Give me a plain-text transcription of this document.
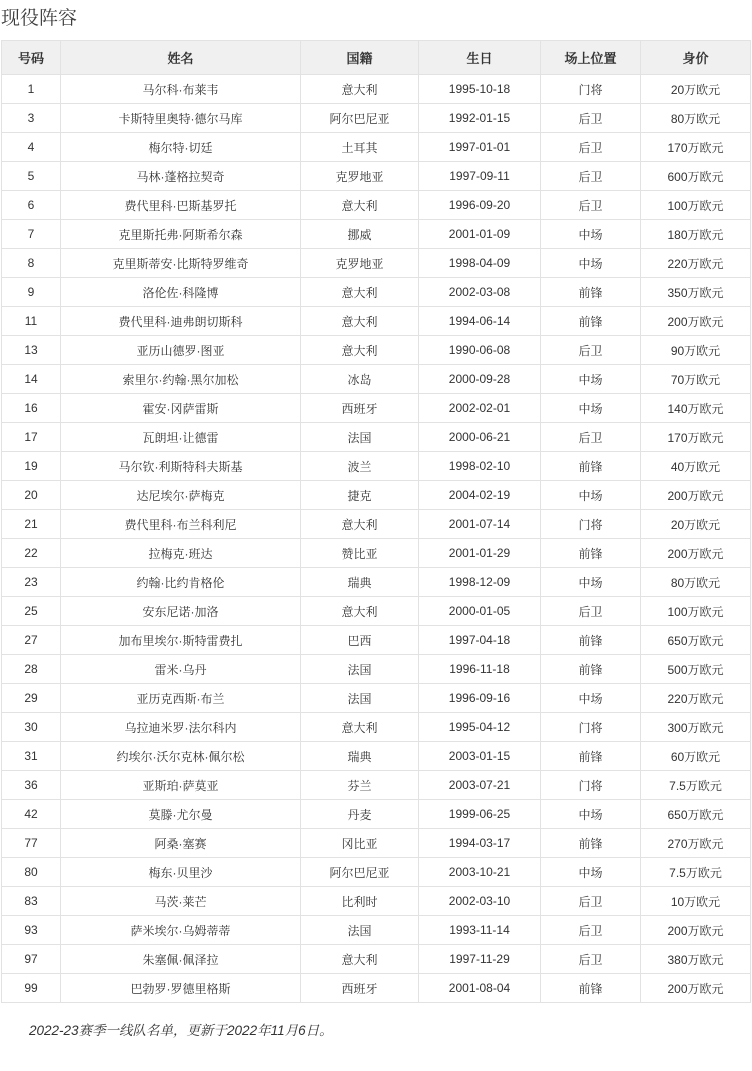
现役阵容
号码	姓名	国籍	生日	场上位置	身价
1	马尔科·布莱韦	意大利	1995-10-18	门将	20万欧元
3	卡斯特里奥特·德尔马库	阿尔巴尼亚	1992-01-15	后卫	80万欧元
4	梅尔特·切廷	土耳其	1997-01-01	后卫	170万欧元
5	马林·蓬格拉契奇	克罗地亚	1997-09-11	后卫	600万欧元
6	费代里科·巴斯基罗托	意大利	1996-09-20	后卫	100万欧元
7	克里斯托弗·阿斯希尔森	挪威	2001-01-09	中场	180万欧元
8	克里斯蒂安·比斯特罗维奇	克罗地亚	1998-04-09	中场	220万欧元
9	洛伦佐·科隆博	意大利	2002-03-08	前锋	350万欧元
11	费代里科·迪弗朗切斯科	意大利	1994-06-14	前锋	200万欧元
13	亚历山德罗·图亚	意大利	1990-06-08	后卫	90万欧元
14	索里尔·约翰·黑尔加松	冰岛	2000-09-28	中场	70万欧元
16	霍安·冈萨雷斯	西班牙	2002-02-01	中场	140万欧元
17	瓦朗坦·让德雷	法国	2000-06-21	后卫	170万欧元
19	马尔钦·利斯特科夫斯基	波兰	1998-02-10	前锋	40万欧元
20	达尼埃尔·萨梅克	捷克	2004-02-19	中场	200万欧元
21	费代里科·布兰科利尼	意大利	2001-07-14	门将	20万欧元
22	拉梅克·班达	赞比亚	2001-01-29	前锋	200万欧元
23	约翰·比约肯格伦	瑞典	1998-12-09	中场	80万欧元
25	安东尼诺·加洛	意大利	2000-01-05	后卫	100万欧元
27	加布里埃尔·斯特雷费扎	巴西	1997-04-18	前锋	650万欧元
28	雷米·乌丹	法国	1996-11-18	前锋	500万欧元
29	亚历克西斯·布兰	法国	1996-09-16	中场	220万欧元
30	乌拉迪米罗·法尔科内	意大利	1995-04-12	门将	300万欧元
31	约埃尔·沃尔克林·佩尔松	瑞典	2003-01-15	前锋	60万欧元
36	亚斯珀·萨莫亚	芬兰	2003-07-21	门将	7.5万欧元
42	莫滕·尤尔曼	丹麦	1999-06-25	中场	650万欧元
77	阿桑·塞赛	冈比亚	1994-03-17	前锋	270万欧元
80	梅东·贝里沙	阿尔巴尼亚	2003-10-21	中场	7.5万欧元
83	马茨·莱芒	比利时	2002-03-10	后卫	10万欧元
93	萨米埃尔·乌姆蒂蒂	法国	1993-11-14	后卫	200万欧元
97	朱塞佩·佩泽拉	意大利	1997-11-29	后卫	380万欧元
99	巴勃罗·罗德里格斯	西班牙	2001-08-04	前锋	200万欧元

2022-23赛季一线队名单，更新于2022年11月6日。
